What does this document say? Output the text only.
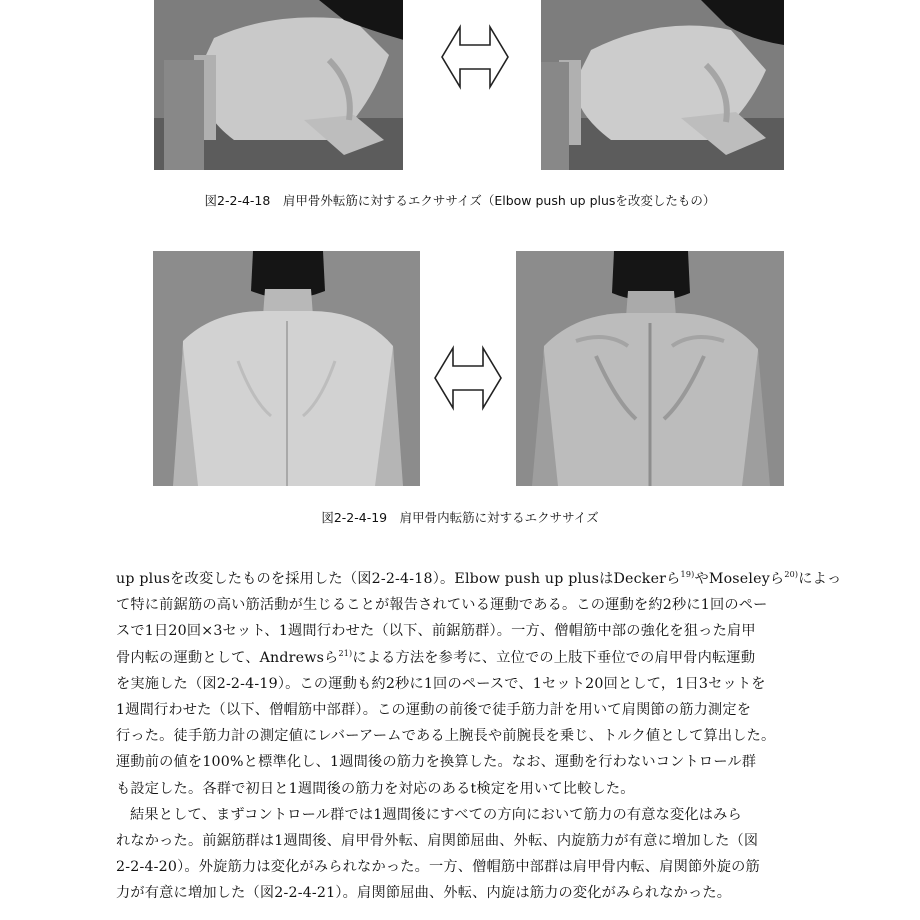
図2-2-4-18　肩甲骨外転筋に対するエクササイズ（Elbow push up plusを改変したもの）
図2-2-4-19　肩甲骨内転筋に対するエクササイズ
up plusを改変したものを採用した（図2-2-4-18）。Elbow push up plusはDeckerら$^{19)}$やMoseleyら$^{20)}$によっ
て特に前鋸筋の高い筋活動が生じることが報告されている運動である。この運動を約2秒に1回のペー
スで1日20回×3セット、1週間行わせた（以下、前鋸筋群）。一方、僧帽筋中部の強化を狙った肩甲
骨内転の運動として、Andrewsら$^{21)}$による方法を参考に、立位での上肢下垂位での肩甲骨内転運動
を実施した（図2-2-4-19）。この運動も約2秒に1回のペースで、1セット20回として，1日3セットを
1週間行わせた（以下、僧帽筋中部群）。この運動の前後で徒手筋力計を用いて肩関節の筋力測定を
行った。徒手筋力計の測定値にレバーアームである上腕長や前腕長を乗じ、トルク値として算出した。
運動前の値を100%と標準化し、1週間後の筋力を換算した。なお、運動を行わないコントロール群
も設定した。各群で初日と1週間後の筋力を対応のあるt検定を用いて比較した。
結果として、まずコントロール群では1週間後にすべての方向において筋力の有意な変化はみら
れなかった。前鋸筋群は1週間後、肩甲骨外転、肩関節屈曲、外転、内旋筋力が有意に増加した（図
2-2-4-20）。外旋筋力は変化がみられなかった。一方、僧帽筋中部群は肩甲骨内転、肩関節外旋の筋
力が有意に増加した（図2-2-4-21）。肩関節屈曲、外転、内旋は筋力の変化がみられなかった。
